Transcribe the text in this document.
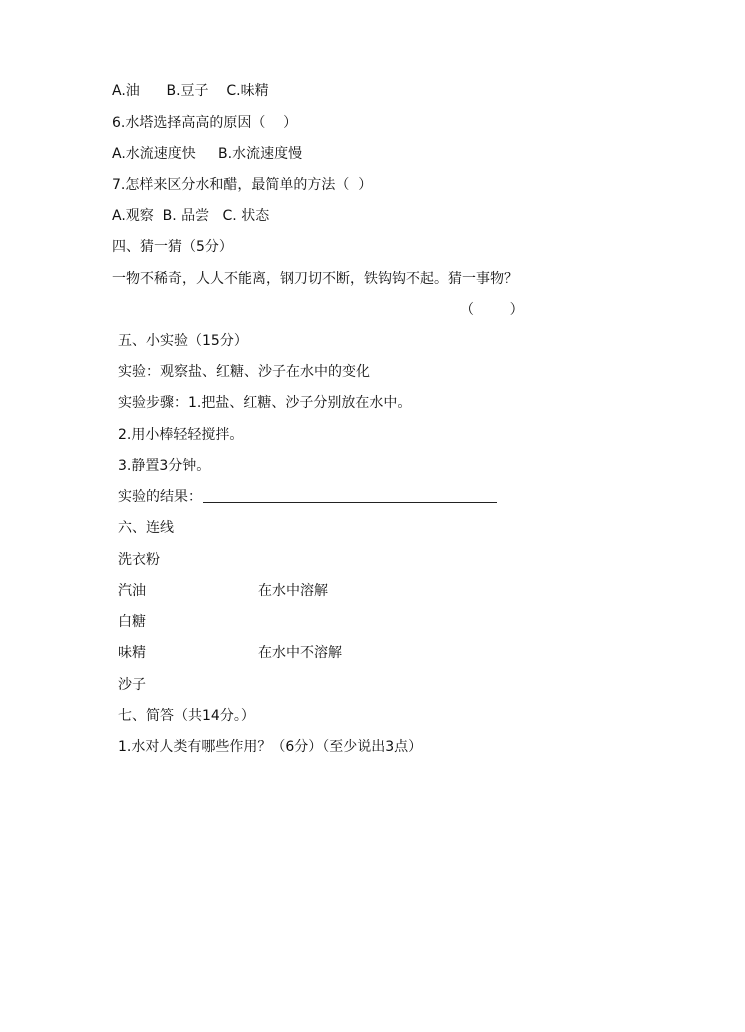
A.油      B.豆子    C.味精
6.水塔选择高高的原因（    ）
A.水流速度快     B.水流速度慢
7.怎样来区分水和醋，最简单的方法（  ）
A.观察  B. 品尝   C. 状态
四、猜一猜（5分）
一物不稀奇，人人不能离，钢刀切不断，铁钩钩不起。猜一事物？
（        ）
五、小实验（15分）
实验：观察盐、红糖、沙子在水中的变化
实验步骤：1.把盐、红糖、沙子分别放在水中。
2.用小棒轻轻搅拌。
3.静置3分钟。
实验的结果：
六、连线
洗衣粉
汽油	在水中溶解
白糖
味精	在水中不溶解
沙子
七、简答（共14分。）
1.水对人类有哪些作用？（6分）（至少说出3点）
